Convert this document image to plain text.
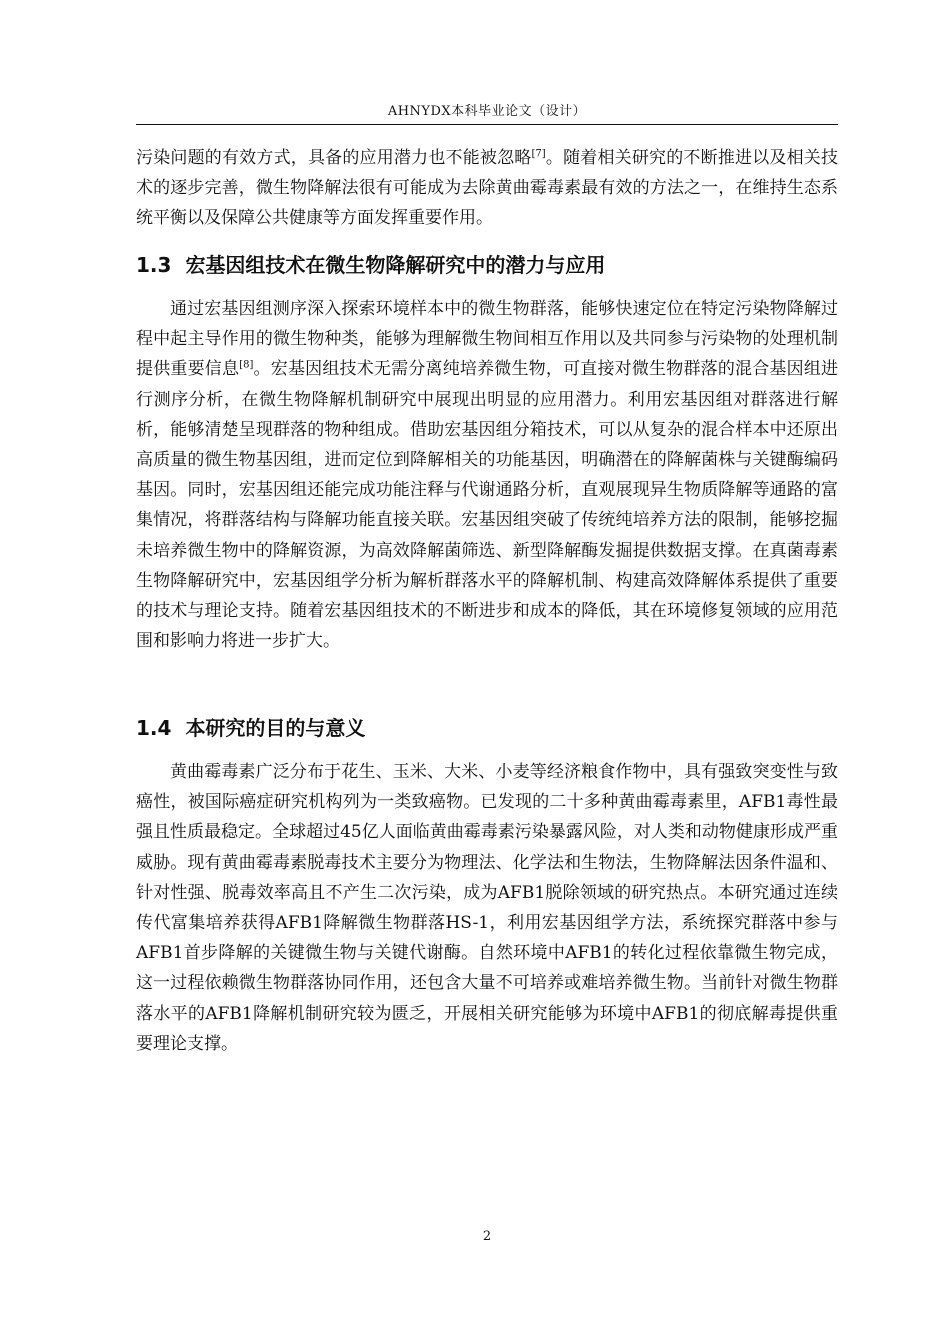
AHNYDX本科毕业论文（设计）

污染问题的有效方式，具备的应用潜力也不能被忽略[7]。随着相关研究的不断推进以及相关技术的逐步完善，微生物降解法很有可能成为去除黄曲霉毒素最有效的方法之一，在维持生态系统平衡以及保障公共健康等方面发挥重要作用。

1.3 宏基因组技术在微生物降解研究中的潜力与应用

通过宏基因组测序深入探索环境样本中的微生物群落，能够快速定位在特定污染物降解过程中起主导作用的微生物种类，能够为理解微生物间相互作用以及共同参与污染物的处理机制提供重要信息[8]。宏基因组技术无需分离纯培养微生物，可直接对微生物群落的混合基因组进行测序分析，在微生物降解机制研究中展现出明显的应用潜力。利用宏基因组对群落进行解析，能够清楚呈现群落的物种组成。借助宏基因组分箱技术，可以从复杂的混合样本中还原出高质量的微生物基因组，进而定位到降解相关的功能基因，明确潜在的降解菌株与关键酶编码基因。同时，宏基因组还能完成功能注释与代谢通路分析，直观展现异生物质降解等通路的富集情况，将群落结构与降解功能直接关联。宏基因组突破了传统纯培养方法的限制，能够挖掘未培养微生物中的降解资源，为高效降解菌筛选、新型降解酶发掘提供数据支撑。在真菌毒素生物降解研究中，宏基因组学分析为解析群落水平的降解机制、构建高效降解体系提供了重要的技术与理论支持。随着宏基因组技术的不断进步和成本的降低，其在环境修复领域的应用范围和影响力将进一步扩大。

1.4 本研究的目的与意义

黄曲霉毒素广泛分布于花生、玉米、大米、小麦等经济粮食作物中，具有强致突变性与致癌性，被国际癌症研究机构列为一类致癌物。已发现的二十多种黄曲霉毒素里，AFB1毒性最强且性质最稳定。全球超过45亿人面临黄曲霉毒素污染暴露风险，对人类和动物健康形成严重威胁。现有黄曲霉毒素脱毒技术主要分为物理法、化学法和生物法，生物降解法因条件温和、针对性强、脱毒效率高且不产生二次污染，成为AFB1脱除领域的研究热点。本研究通过连续传代富集培养获得AFB1降解微生物群落HS-1，利用宏基因组学方法，系统探究群落中参与AFB1首步降解的关键微生物与关键代谢酶。自然环境中AFB1的转化过程依靠微生物完成，这一过程依赖微生物群落协同作用，还包含大量不可培养或难培养微生物。当前针对微生物群落水平的AFB1降解机制研究较为匮乏，开展相关研究能够为环境中AFB1的彻底解毒提供重要理论支撑。

2
